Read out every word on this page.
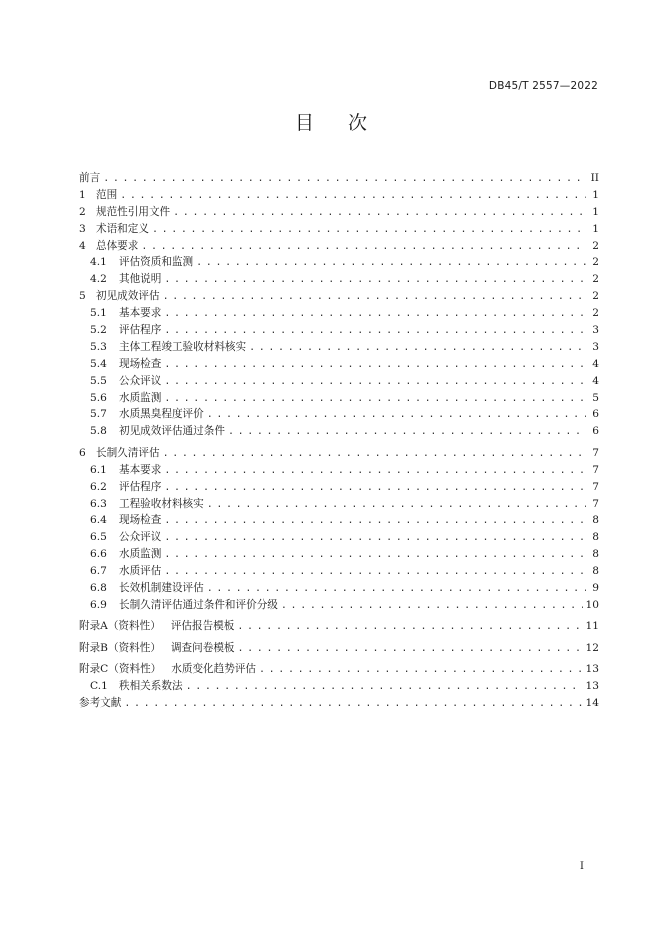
DB45/T 2557—2022
目 次
前言 . . .	II
1 范围 . . .	1
2 规范性引用文件 . . .	1
3 术语和定义 . . .	1
4 总体要求 . . .	2
4.1	评估资质和监测 . . .	2
4.2	其他说明 . . .	2
5 初见成效评估 . . .	2
5.1	基本要求 . . .	2
5.2	评估程序 . . .	3
5.3	主体工程竣工验收材料核实 . . .	3
5.4	现场检查 . . .	4
5.5	公众评议 . . .	4
5.6	水质监测 . . .	5
5.7	水质黑臭程度评价 . . .	6
5.8	初见成效评估通过条件 . . .	6
6 长制久清评估 . . .	7
6.1	基本要求 . . .	7
6.2	评估程序 . . .	7
6.3	工程验收材料核实 . . .	7
6.4	现场检查 . . .	8
6.5	公众评议 . . .	8
6.6	水质监测 . . .	8
6.7	水质评估 . . .	8
6.8	长效机制建设评估 . . .	9
6.9	长制久清评估通过条件和评价分级 . . .	10
附录A（资料性） 评估报告模板 . . .	11
附录B（资料性） 调查问卷模板 . . .	12
附录C（资料性） 水质变化趋势评估 . . .	13
C.1	秩相关系数法 . . .	13
参考文献 . . .	14
I
